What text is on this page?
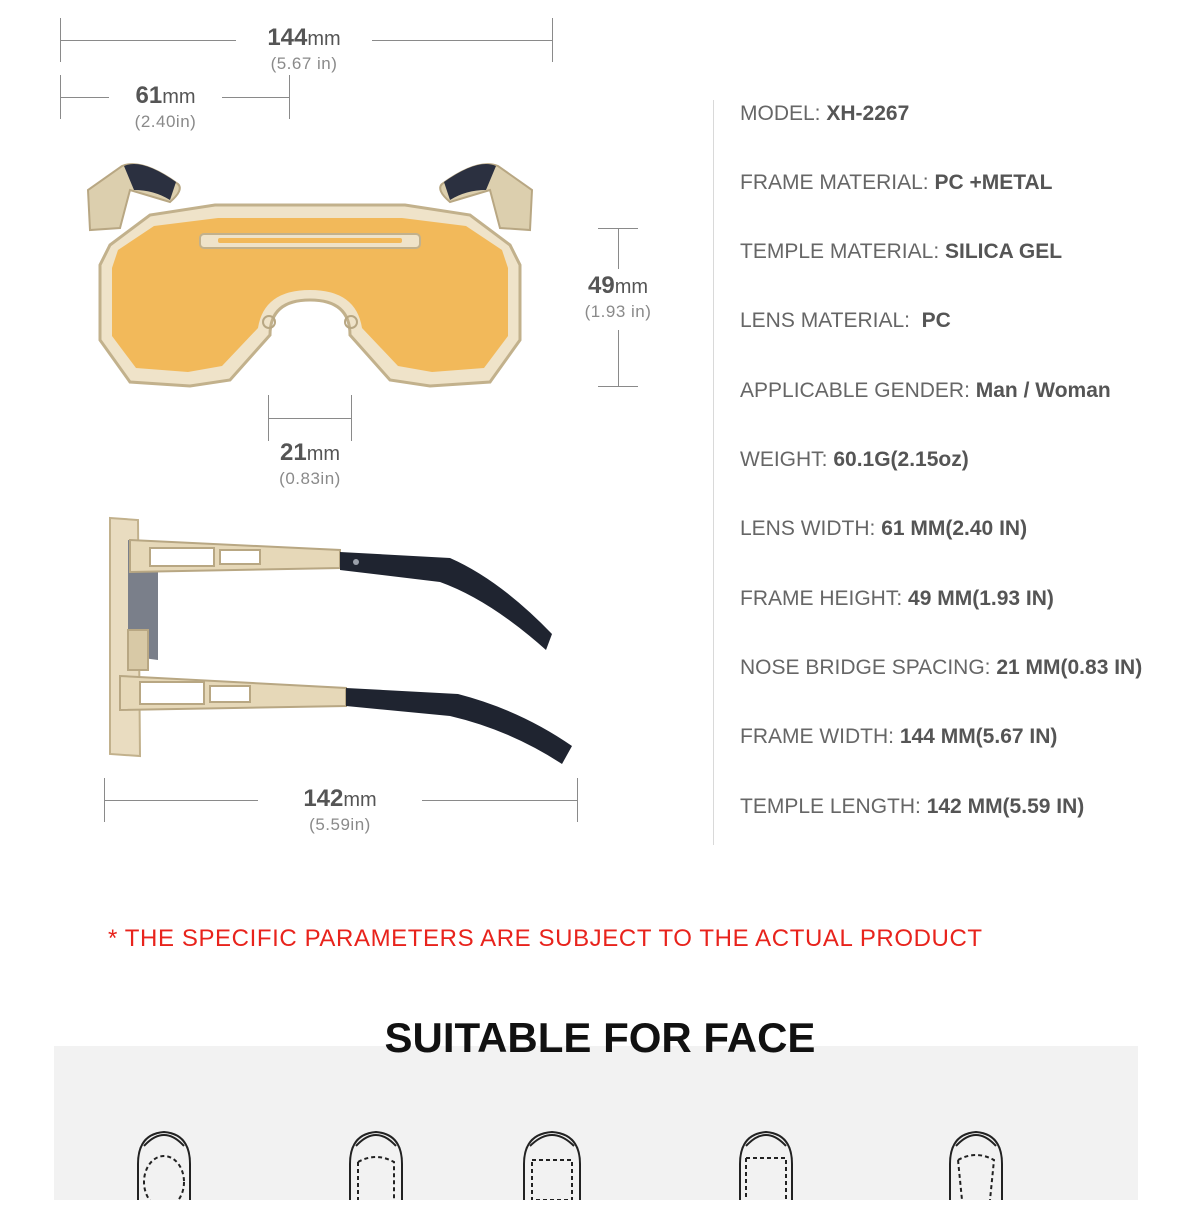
144mm
(5.67 in)
61mm
(2.40in)
49mm
(1.93 in)
21mm
(0.83in)
142mm
(5.59in)
MODEL: XH-2267
FRAME MATERIAL: PC +METAL
TEMPLE MATERIAL: SILICA GEL
LENS MATERIAL:  PC
APPLICABLE GENDER: Man / Woman
WEIGHT: 60.1G(2.15oz)
LENS WIDTH: 61 MM(2.40 IN)
FRAME HEIGHT: 49 MM(1.93 IN)
NOSE BRIDGE SPACING: 21 MM(0.83 IN)
FRAME WIDTH: 144 MM(5.67 IN)
TEMPLE LENGTH: 142 MM(5.59 IN)
* THE SPECIFIC PARAMETERS ARE SUBJECT TO THE ACTUAL PRODUCT
SUITABLE FOR FACE
